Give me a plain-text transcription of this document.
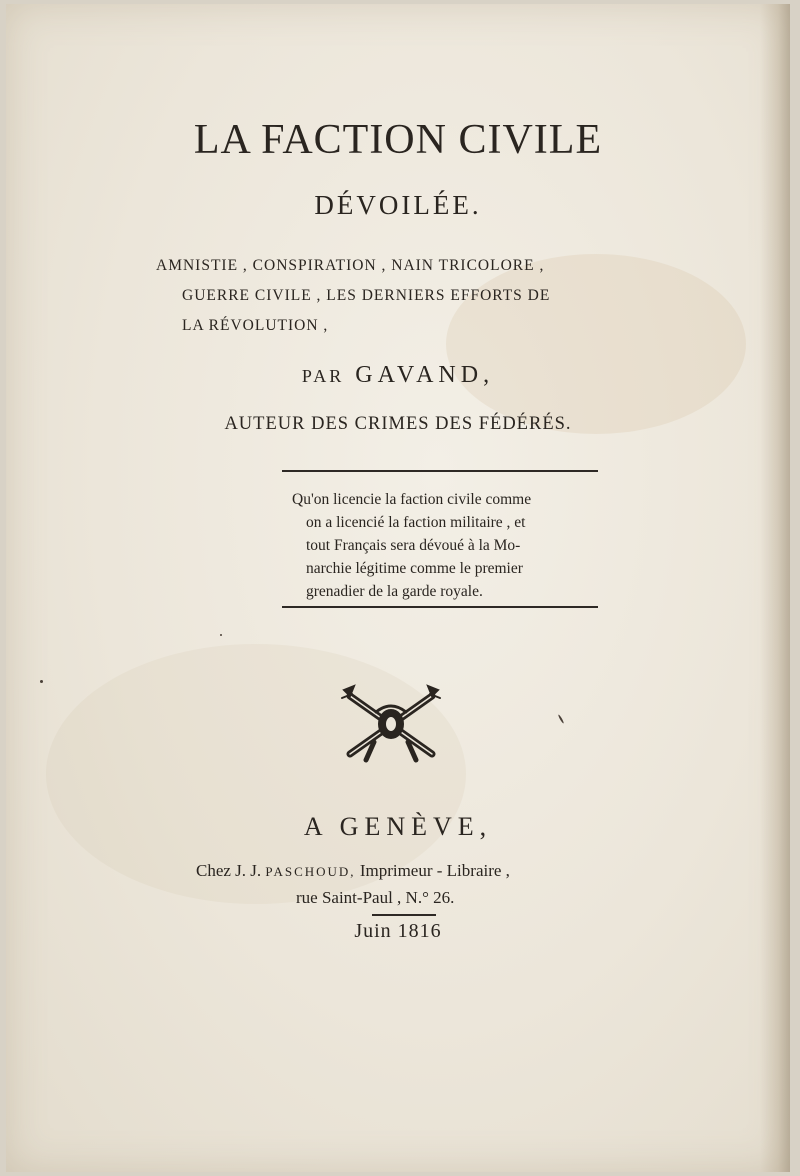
LA FACTION CIVILE
DÉVOILÉE.
AMNISTIE , CONSPIRATION , NAIN TRICOLORE ,
GUERRE CIVILE , LES DERNIERS EFFORTS DE
LA RÉVOLUTION ,
PAR GAVAND,
AUTEUR DES CRIMES DES FÉDÉRÉS.
Qu'on licencie la faction civile comme
on a licencié la faction militaire , et
tout Français sera dévoué à la Mo-
narchie légitime comme le premier
grenadier de la garde royale.
A GENÈVE,
Chez J. J. PASCHOUD, Imprimeur - Libraire ,
rue Saint-Paul , N.° 26.
Juin 1816
